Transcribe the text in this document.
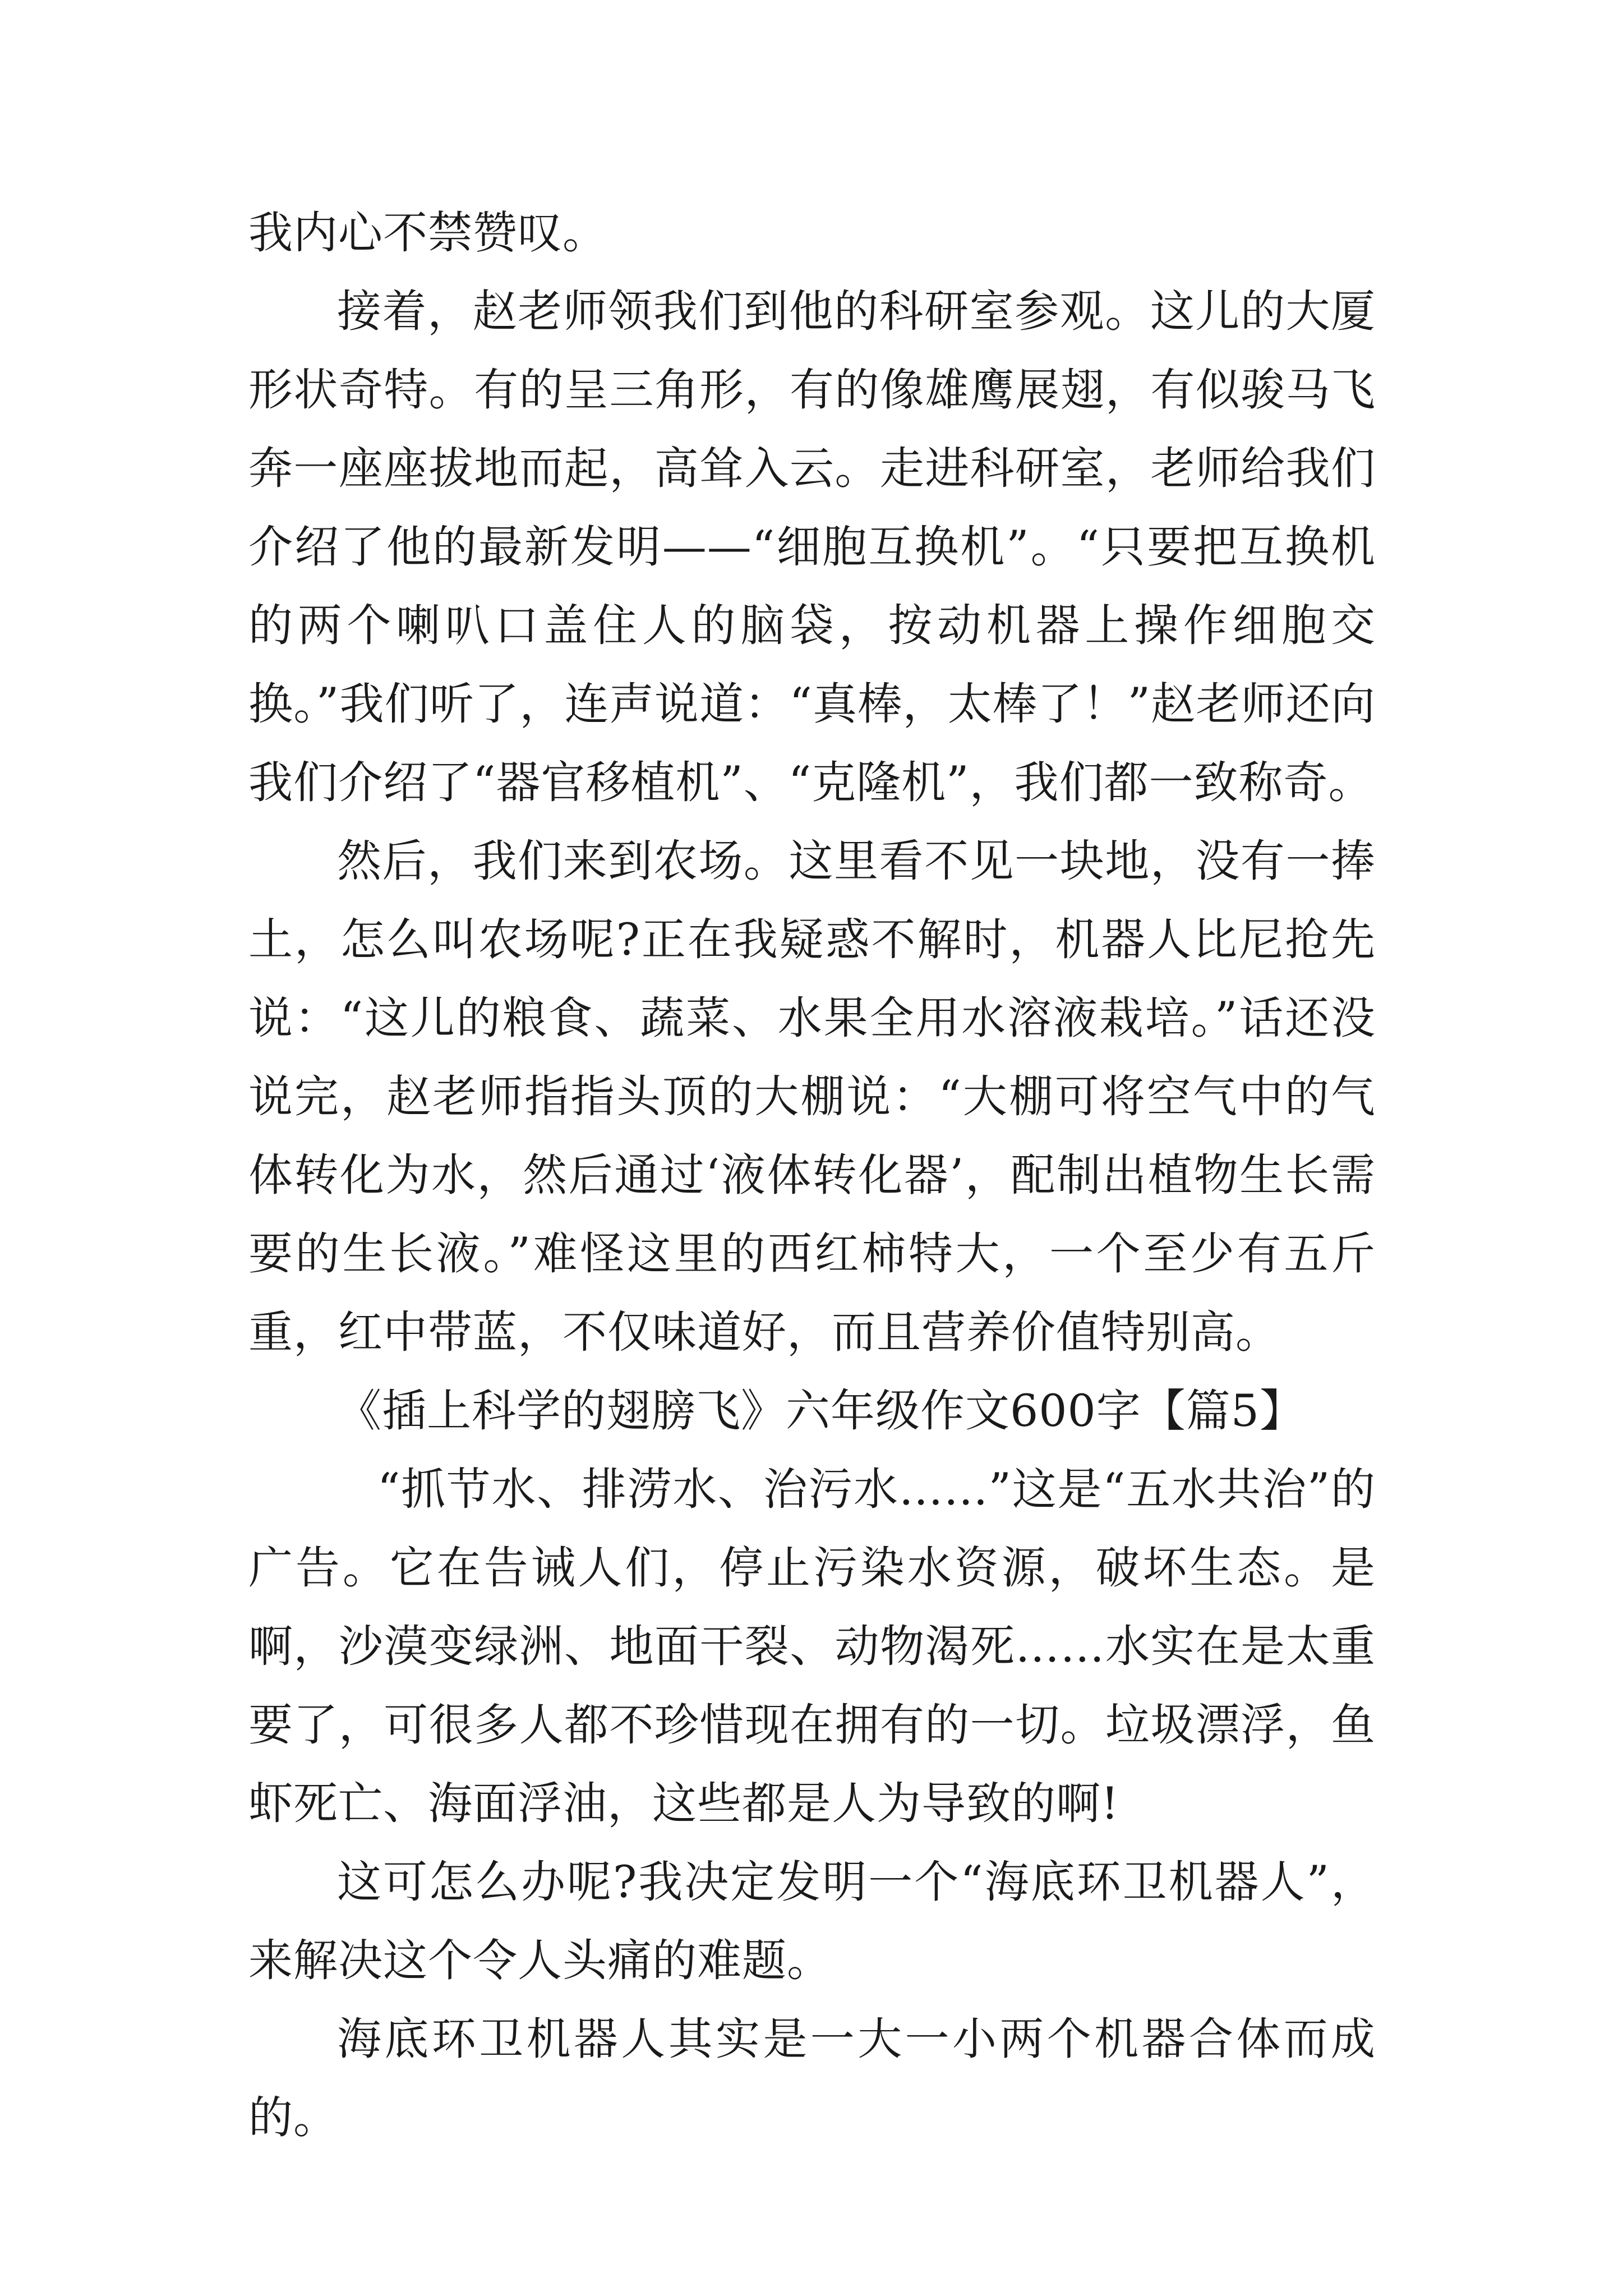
我内心不禁赞叹。

接着，赵老师领我们到他的科研室参观。这儿的大厦形状奇特。有的呈三角形，有的像雄鹰展翅，有似骏马飞奔一座座拔地而起，高耸入云。走进科研室，老师给我们介绍了他的最新发明——“细胞互换机”。“只要把互换机的两个喇叭口盖住人的脑袋，按动机器上操作细胞交换。”我们听了，连声说道：“真棒，太棒了！”赵老师还向我们介绍了“器官移植机”、“克隆机”，我们都一致称奇。

然后，我们来到农场。这里看不见一块地，没有一捧土，怎么叫农场呢?正在我疑惑不解时，机器人比尼抢先说：“这儿的粮食、蔬菜、水果全用水溶液栽培。”话还没说完，赵老师指指头顶的大棚说：“大棚可将空气中的气体转化为水，然后通过‘液体转化器’，配制出植物生长需要的生长液。”难怪这里的西红柿特大，一个至少有五斤重，红中带蓝，不仅味道好，而且营养价值特别高。

《插上科学的翅膀飞》六年级作文600字【篇5】

“抓节水、排涝水、治污水……”这是“五水共治”的广告。它在告诫人们，停止污染水资源，破坏生态。是啊，沙漠变绿洲、地面干裂、动物渴死……水实在是太重要了，可很多人都不珍惜现在拥有的一切。垃圾漂浮，鱼虾死亡、海面浮油，这些都是人为导致的啊!

这可怎么办呢?我决定发明一个“海底环卫机器人”，来解决这个令人头痛的难题。

海底环卫机器人其实是一大一小两个机器合体而成的。
